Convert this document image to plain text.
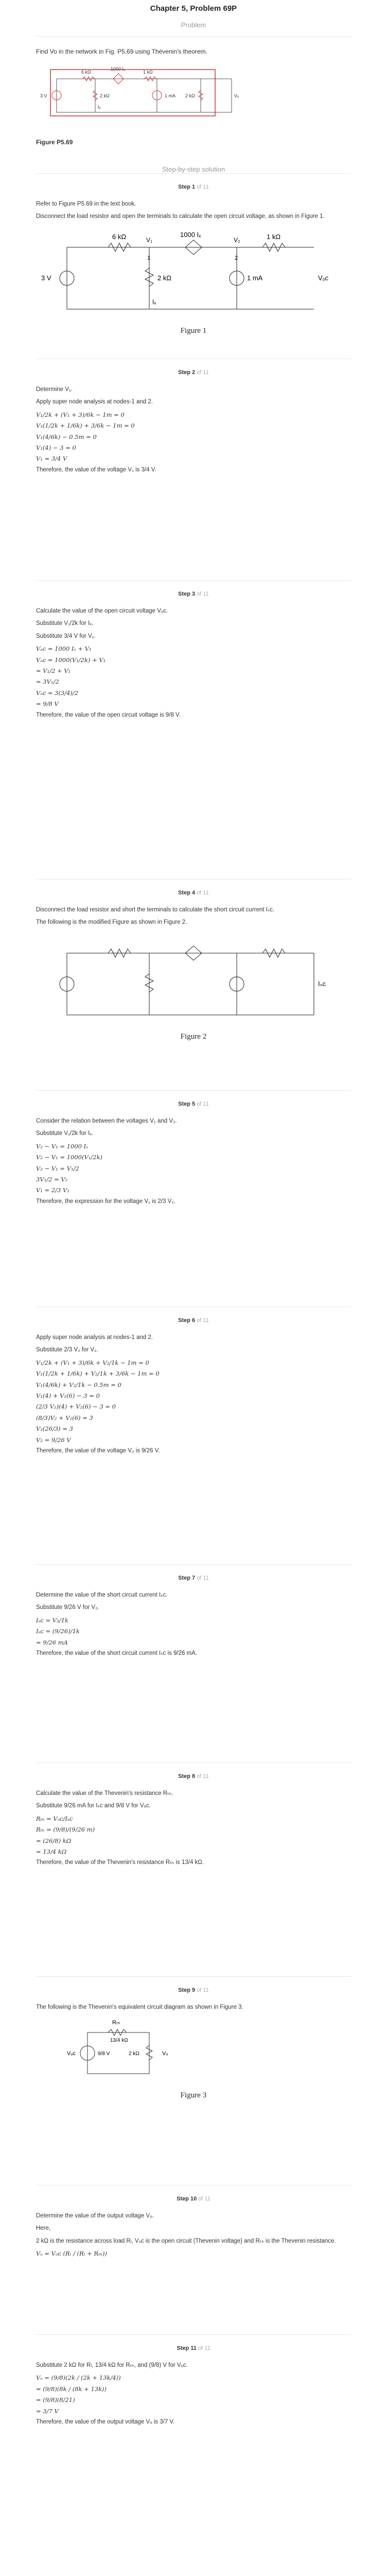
Chapter 5, Problem 69P
Problem
Find Vo in the network in Fig. P5.69 using Thévenin's theorem.
3 V
6 kΩ
1000 Iₓ
1 kΩ
2 kΩ	1 mA 2 kΩ
Iₓ
Vₒ
Figure P5.69
Step-by-step solution
Step 1 of 11

Refer to Figure P5.69 in the text book.

Disconnect the load resistor and open the terminals to calculate the open circuit voltage, as shown in Figure 1.

6 kΩ	1000 Iₓ	1 kΩ
V₁	V₂
1	2
2 kΩ	1 mA
3 V	Vₒᴄ
Iₓ
Figure 1
Step 2 of 11

Determine V₁.

Apply super node analysis at nodes-1 and 2.

V₁/2k + (V₁ + 3)/6k − 1m = 0
V₁(1/2k + 1/6k) + 3/6k − 1m = 0
V₁(4/6k) − 0.5m = 0
V₁(4) − 3 = 0
V₁ = 3/4 V

Therefore, the value of the voltage V₁ is 3/4 V.

Step 3 of 11

Calculate the value of the open circuit voltage Vₒᴄ.

Substitute V₁/2k for Iₓ.

Substitute 3/4 V for V₁.

Vₒᴄ = 1000 Iₓ + V₁
Vₒᴄ = 1000(V₁/2k) + V₁
= V₁/2 + V₁
= 3V₁/2
Vₒᴄ = 3(3/4)/2
= 9/8 V

Therefore, the value of the open circuit voltage is 9/8 V.

Step 4 of 11

Disconnect the load resistor and short the terminals to calculate the short circuit current Iₛᴄ.

The following is the modified Figure as shown in Figure 2.

Iₛᴄ
Figure 2
Step 5 of 11

Consider the relation between the voltages V₁ and V₂.

Substitute V₁/2k for Iₓ.

V₂ − V₁ = 1000 Iₓ
V₂ − V₁ = 1000(V₁/2k)
V₂ − V₁ = V₁/2
3V₁/2 = V₂
V₁ = 2/3 V₂

Therefore, the expression for the voltage V₁ is 2/3 V₂.

Step 6 of 11

Apply super node analysis at nodes-1 and 2.

Substitute 2/3 V₂ for V₁.

V₁/2k + (V₁ + 3)/6k + V₂/1k − 1m = 0
V₁(1/2k + 1/6k) + V₂/1k + 3/6k − 1m = 0
V₁(4/6k) + V₂/1k − 0.5m = 0
V₁(4) + V₂(6) − 3 = 0
(2/3 V₂)(4) + V₂(6) − 3 = 0
(8/3)V₂ + V₂(6) = 3
V₂(26/3) = 3
V₂ = 9/26 V

Therefore, the value of the voltage V₂ is 9/26 V.

Step 7 of 11

Determine the value of the short circuit current Iₛᴄ.

Substitute 9/26 V for V₂.

Iₛᴄ = V₂/1k
Iₛᴄ = (9/26)/1k
= 9/26 mA

Therefore, the value of the short circuit current Iₛᴄ is 9/26 mA.

Step 8 of 11

Calculate the value of the Thevenin's resistance Rₜₕ.

Substitute 9/26 mA for Iₛᴄ and 9/8 V for Vₒᴄ.

Rₜₕ = Vₒᴄ/Iₛᴄ
Rₜₕ = (9/8)/(9/26 m)
= (26/8) kΩ
= 13/4 kΩ

Therefore, the value of the Thevenin's resistance Rₜₕ is 13/4 kΩ.

Step 9 of 11

The following is the Thevenin's equivalent circuit diagram as shown in Figure 3.

Rₜₕ
13/4 kΩ
Vₒᴄ	9/8 V	2 kΩ	Vₒ
Figure 3
Step 10 of 11

Determine the value of the output voltage Vₒ.

Here,

2 kΩ is the resistance across load Rₗ, Vₒᴄ is the open circuit (Thevenin voltage) and Rₜₕ is the Thevenin resistance.

Vₒ = Vₒᴄ (Rₗ / (Rₗ + Rₜₕ))
Step 11 of 11

Substitute 2 kΩ for Rₗ, 13/4 kΩ for Rₜₕ, and (9/8) V for Vₒᴄ.

Vₒ = (9/8)(2k / (2k + 13k/4))
= (9/8)(8k / (8k + 13k))
= (9/8)(8/21)
= 3/7 V

Therefore, the value of the output voltage Vₒ is 3/7 V.
